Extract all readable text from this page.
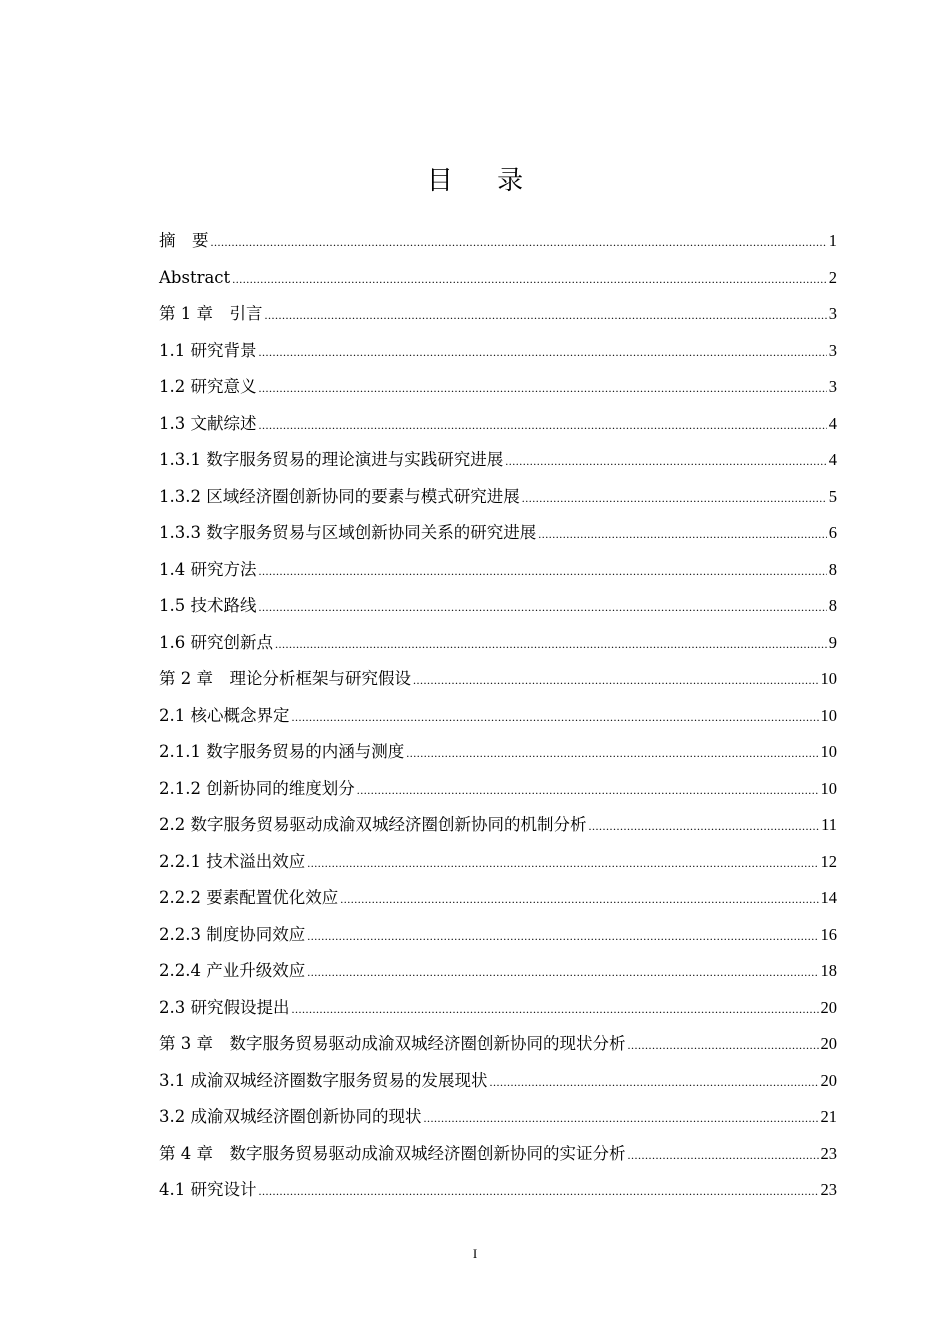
目 录
摘　要 .....	1
Abstract .....	2
第 1 章　引言 .....	3
1.1 研究背景 .....	3
1.2 研究意义 .....	3
1.3 文献综述 .....	4
1.3.1 数字服务贸易的理论演进与实践研究进展 .....	4
1.3.2 区域经济圈创新协同的要素与模式研究进展 .....	5
1.3.3 数字服务贸易与区域创新协同关系的研究进展 .....	6
1.4 研究方法 .....	8
1.5 技术路线 .....	8
1.6 研究创新点 .....	9
第 2 章　理论分析框架与研究假设 .....	10
2.1 核心概念界定 .....	10
2.1.1 数字服务贸易的内涵与测度 .....	10
2.1.2 创新协同的维度划分 .....	10
2.2 数字服务贸易驱动成渝双城经济圈创新协同的机制分析 .....	11
2.2.1 技术溢出效应 .....	12
2.2.2 要素配置优化效应 .....	14
2.2.3 制度协同效应 .....	16
2.2.4 产业升级效应 .....	18
2.3 研究假设提出 .....	20
第 3 章　数字服务贸易驱动成渝双城经济圈创新协同的现状分析 .....	20
3.1 成渝双城经济圈数字服务贸易的发展现状 .....	20
3.2 成渝双城经济圈创新协同的现状 .....	21
第 4 章　数字服务贸易驱动成渝双城经济圈创新协同的实证分析 .....	23
4.1 研究设计 .....	23
I
